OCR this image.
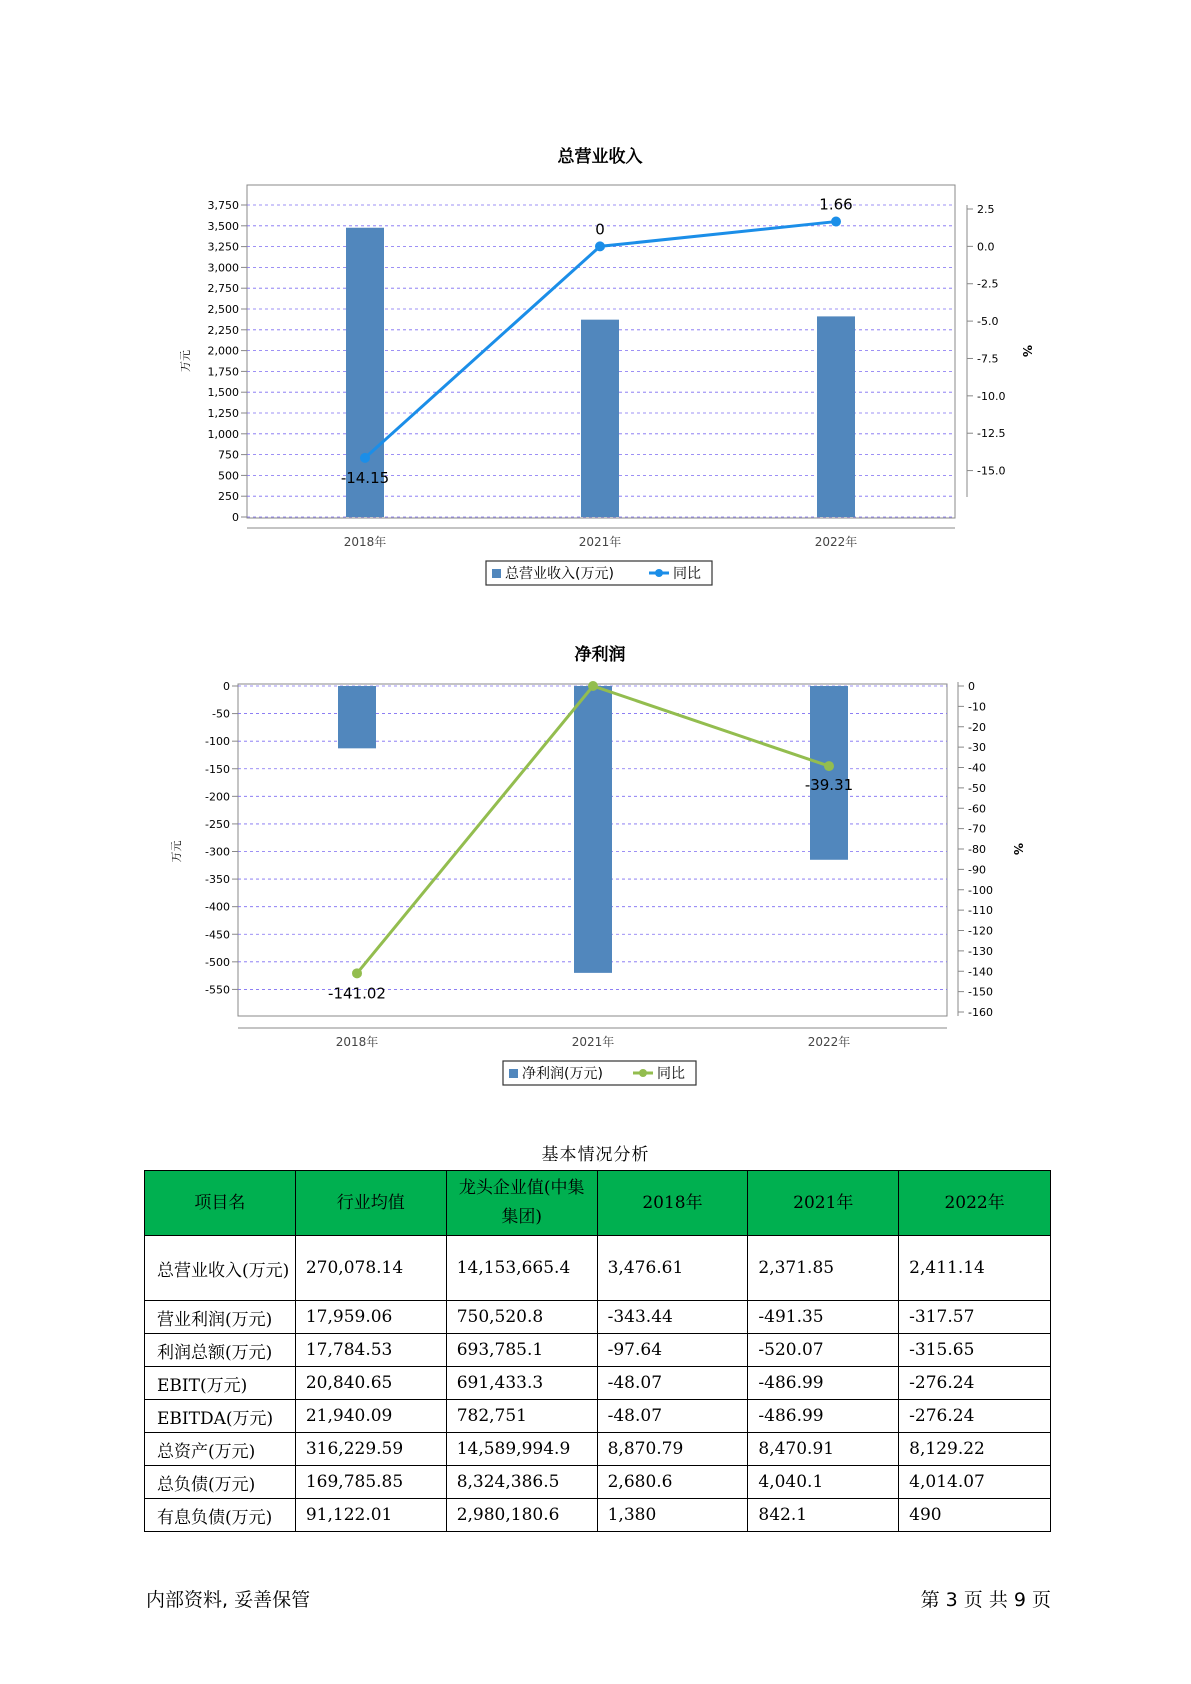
总营业收入
0
250
500
750
1,000
1,250
1,500
1,750
2,000
2,250
2,500
2,750
3,000
3,250
3,500
3,750
万元
2.5
0.0
-2.5
-5.0
-7.5
-10.0
-12.5
-15.0
%
2018年	2021年	2022年
-14.15
0
1.66
总营业收入(万元)	同比
净利润
0
-50
-100
-150
-200
-250
-300
-350
-400
-450
-500
-550
万元
0
-10
-20
-30
-40
-50
-60
-70
-80
-90
-100
-110
-120
-130
-140
-150
-160
%
2018年	2021年	2022年
-141.02
-39.31
净利润(万元)	同比
基本情况分析
项目名	行业均值	龙头企业值(中集集团)	2018年	2021年	2022年
总营业收入(万元)	270,078.14	14,153,665.4	3,476.61	2,371.85	2,411.14
营业利润(万元)	17,959.06	750,520.8	-343.44	-491.35	-317.57
利润总额(万元)	17,784.53	693,785.1	-97.64	-520.07	-315.65
EBIT(万元)	20,840.65	691,433.3	-48.07	-486.99	-276.24
EBITDA(万元)	21,940.09	782,751	-48.07	-486.99	-276.24
总资产(万元)	316,229.59	14,589,994.9	8,870.79	8,470.91	8,129.22
总负债(万元)	169,785.85	8,324,386.5	2,680.6	4,040.1	4,014.07
有息负债(万元)	91,122.01	2,980,180.6	1,380	842.1	490
内部资料, 妥善保管	第 3 页 共 9 页
